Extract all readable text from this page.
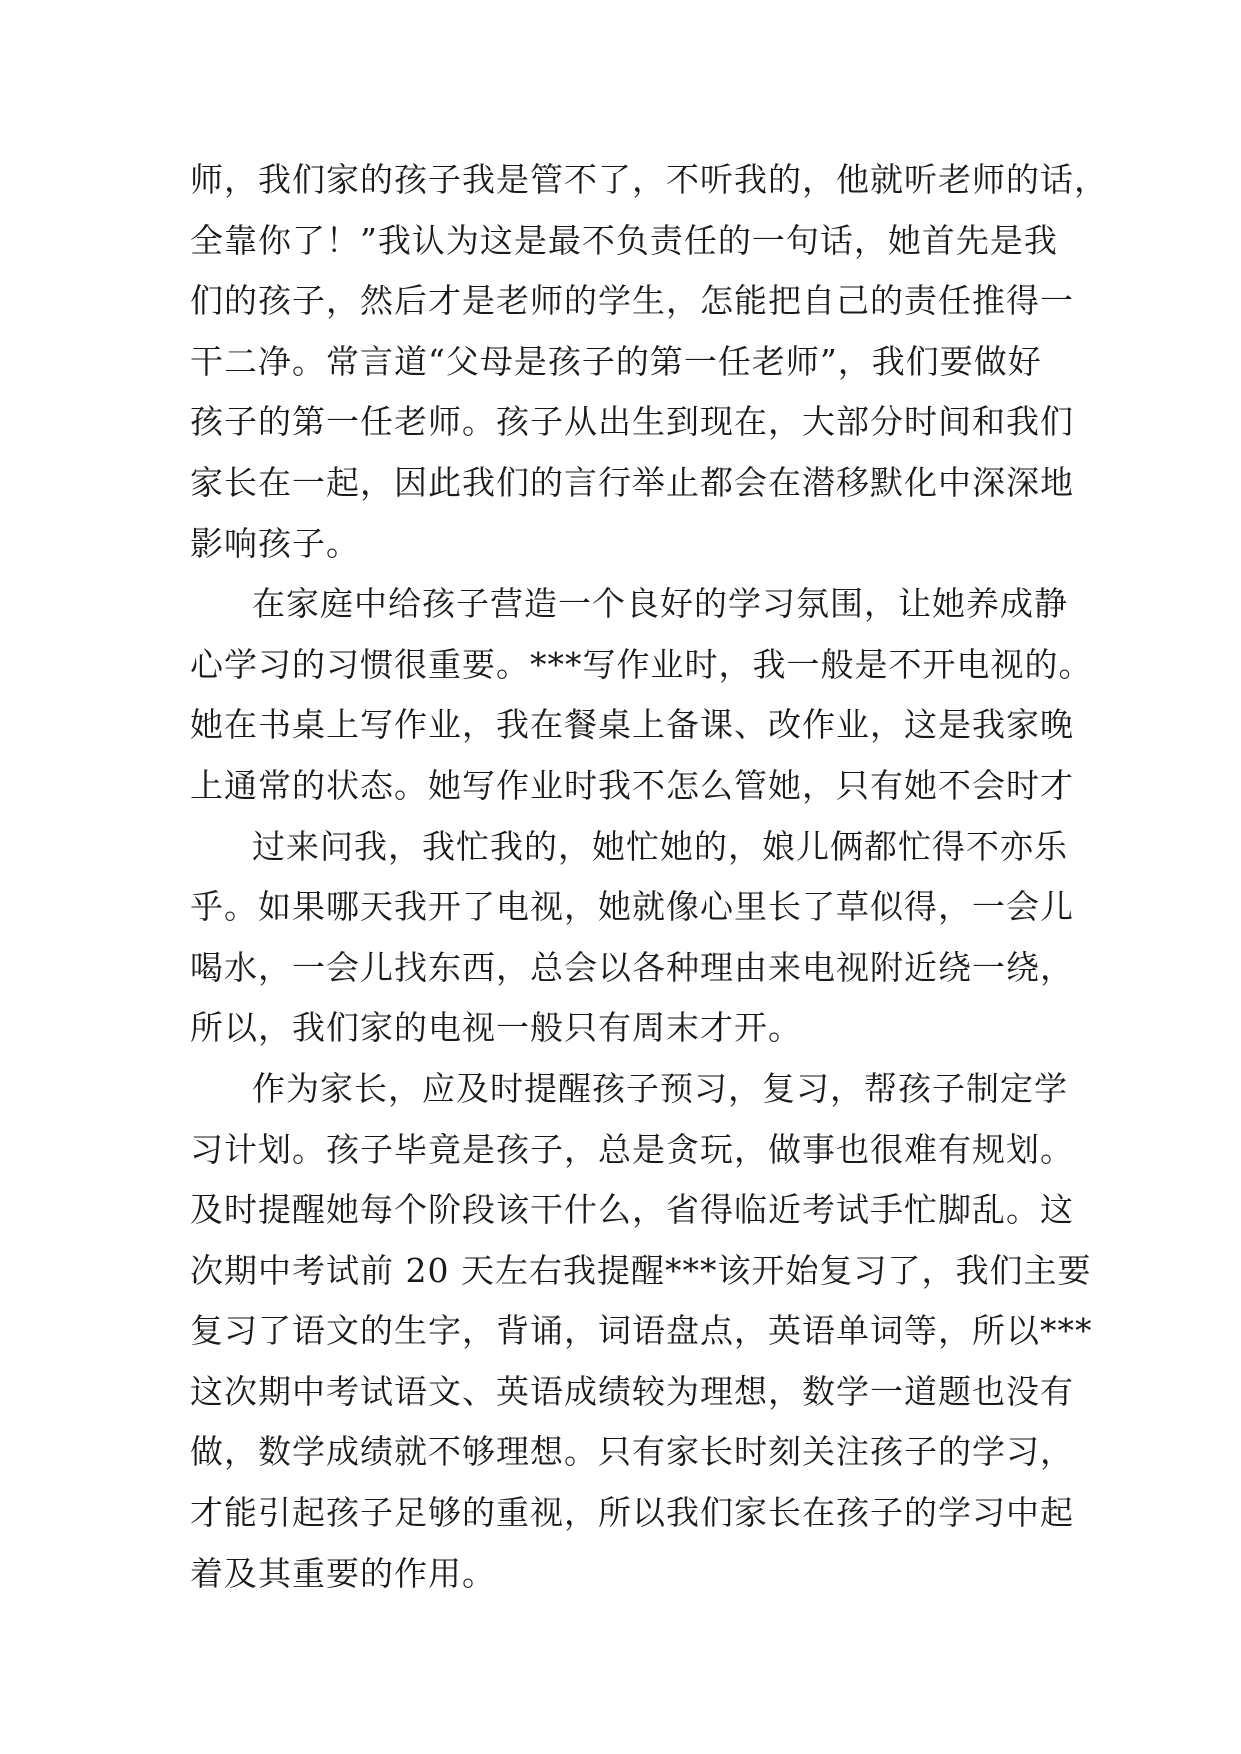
师，我们家的孩子我是管不了，不听我的，他就听老师的话，
全靠你了！”我认为这是最不负责任的一句话，她首先是我
们的孩子，然后才是老师的学生，怎能把自己的责任推得一
干二净。常言道“父母是孩子的第一任老师”，我们要做好
孩子的第一任老师。孩子从出生到现在，大部分时间和我们
家长在一起，因此我们的言行举止都会在潜移默化中深深地
影响孩子。
在家庭中给孩子营造一个良好的学习氛围，让她养成静
心学习的习惯很重要。***写作业时，我一般是不开电视的。
她在书桌上写作业，我在餐桌上备课、改作业，这是我家晚
上通常的状态。她写作业时我不怎么管她，只有她不会时才
过来问我，我忙我的，她忙她的，娘儿俩都忙得不亦乐
乎。如果哪天我开了电视，她就像心里长了草似得，一会儿
喝水，一会儿找东西，总会以各种理由来电视附近绕一绕，
所以，我们家的电视一般只有周末才开。
作为家长，应及时提醒孩子预习，复习，帮孩子制定学
习计划。孩子毕竟是孩子，总是贪玩，做事也很难有规划。
及时提醒她每个阶段该干什么，省得临近考试手忙脚乱。这
次期中考试前 20 天左右我提醒***该开始复习了，我们主要
复习了语文的生字，背诵，词语盘点，英语单词等，所以***
这次期中考试语文、英语成绩较为理想，数学一道题也没有
做，数学成绩就不够理想。只有家长时刻关注孩子的学习，
才能引起孩子足够的重视，所以我们家长在孩子的学习中起
着及其重要的作用。
